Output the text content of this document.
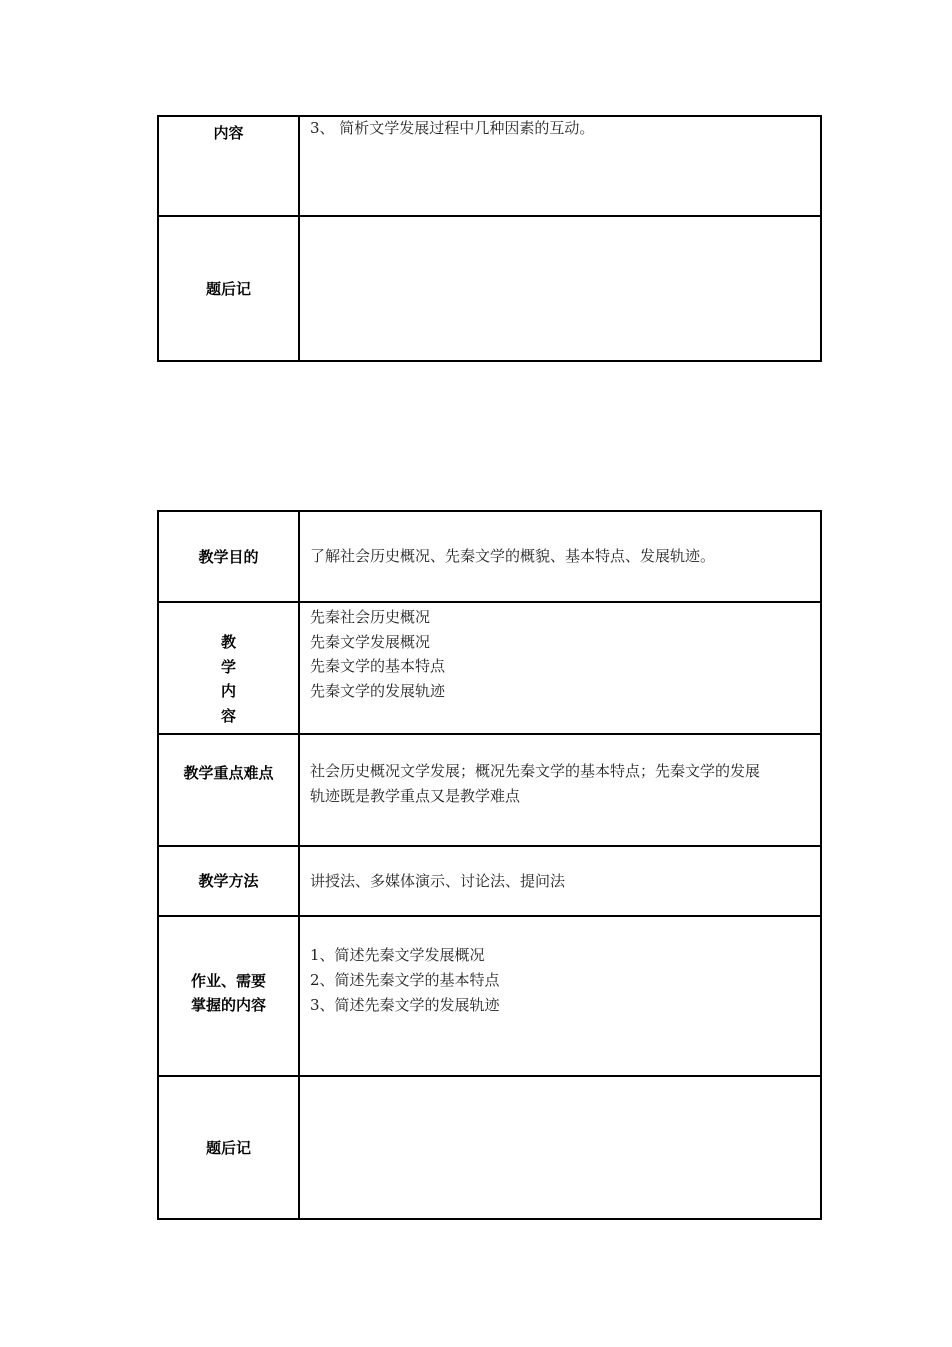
内容	3、 简析文学发展过程中几种因素的互动。

题后记	
教学目的	了解社会历史概况、先秦文学的概貌、基本特点、发展轨迹。

教
学
内
容	先秦社会历史概况
先秦文学发展概况
先秦文学的基本特点
先秦文学的发展轨迹

教学重点难点	社会历史概况文学发展；概况先秦文学的基本特点；先秦文学的发展
轨迹既是教学重点又是教学难点

教学方法	讲授法、多媒体演示、讨论法、提问法

作业、需要
掌握的内容	1、简述先秦文学发展概况
2、简述先秦文学的基本特点
3、简述先秦文学的发展轨迹

题后记	
